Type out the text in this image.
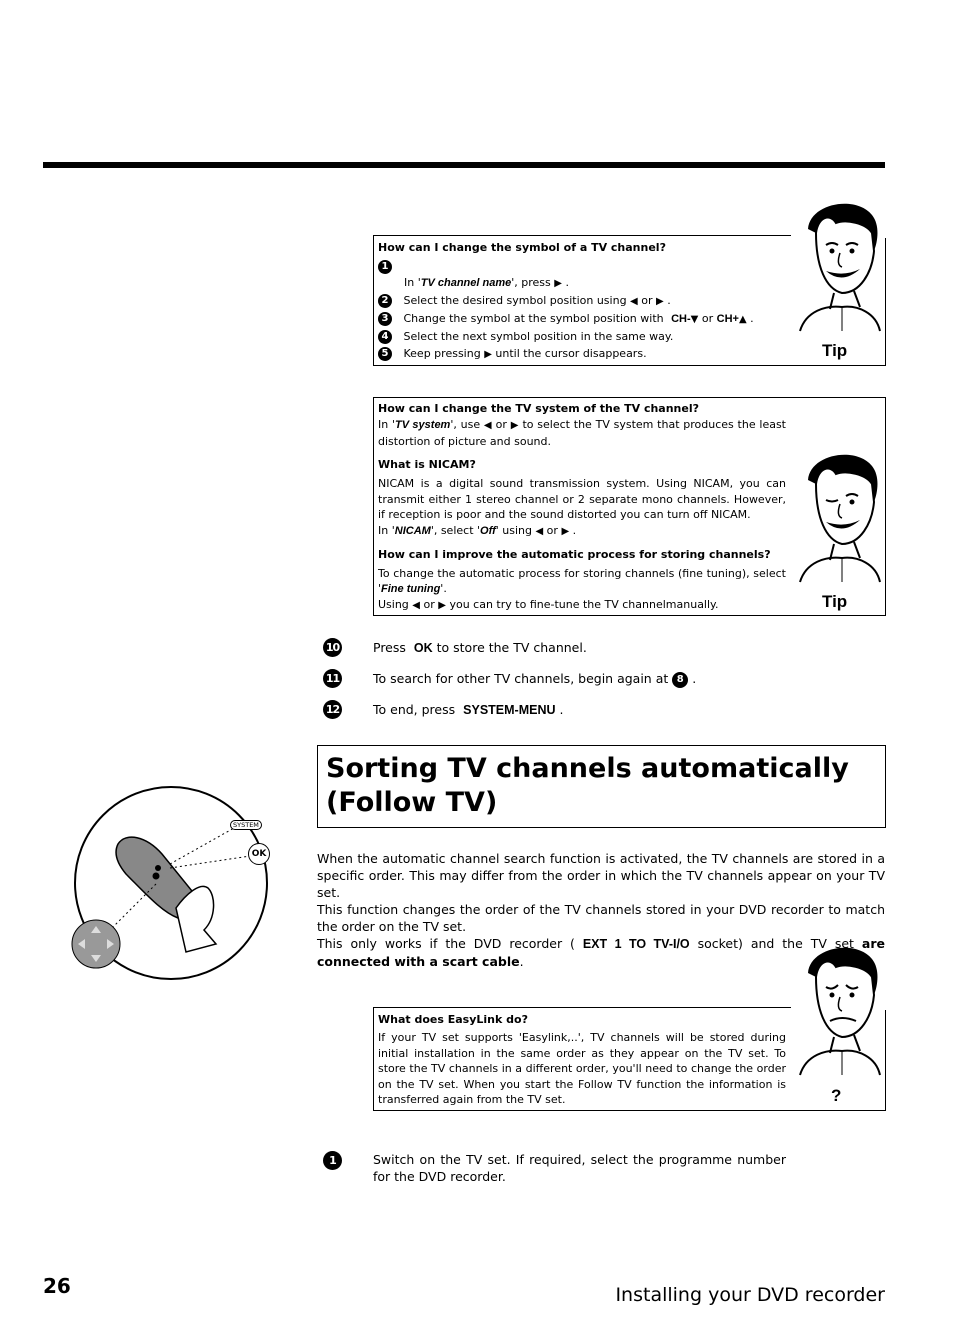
How can I change the symbol of a TV channel?
1
In 'TV channel name', press ▶ .
2 Select the desired symbol position using ◀ or ▶ .
3 Change the symbol at the symbol position with CH-▼ or CH+▲ .
4 Select the next symbol position in the same way.
5 Keep pressing ▶ until the cursor disappears.	Tip
How can I change the TV system of the TV channel?
In 'TV system', use ◀ or ▶ to select the TV system that produces the least distortion of picture and sound.
What is NICAM?
NICAM is a digital sound transmission system. Using NICAM, you can transmit either 1 stereo channel or 2 separate mono channels. However, if reception is poor and the sound distorted you can turn off NICAM.
In 'NICAM', select 'Off' using ◀ or ▶ .
How can I improve the automatic process for storing channels?
To change the automatic process for storing channels (fine tuning), select 'Fine tuning'.
Using ◀ or ▶ you can try to fine-tune the TV channelmanually.	Tip
10	Press OK to store the TV channel.
11	To search for other TV channels, begin again at 8 .
12	To end, press SYSTEM-MENU .
Sorting TV channels automatically
(Follow TV)
SYSTEM
OK	When the automatic channel search function is activated, the TV channels are stored in a specific order. This may differ from the order in which the TV channels appear on your TV set.
This function changes the order of the TV channels stored in your DVD recorder to match the order on the TV set.
This only works if the DVD recorder ( EXT 1 TO TV-I/O socket) and the TV set are connected with a scart cable.
What does EasyLink do?
If your TV set supports 'Easylink,..', TV channels will be stored during initial installation in the same order as they appear on the TV set. To store the TV channels in a different order, you'll need to change the order on the TV set. When you start the Follow TV function the information is transferred again from the TV set.	?
1	Switch on the TV set. If required, select the programme number for the DVD recorder.
26	Installing your DVD recorder
